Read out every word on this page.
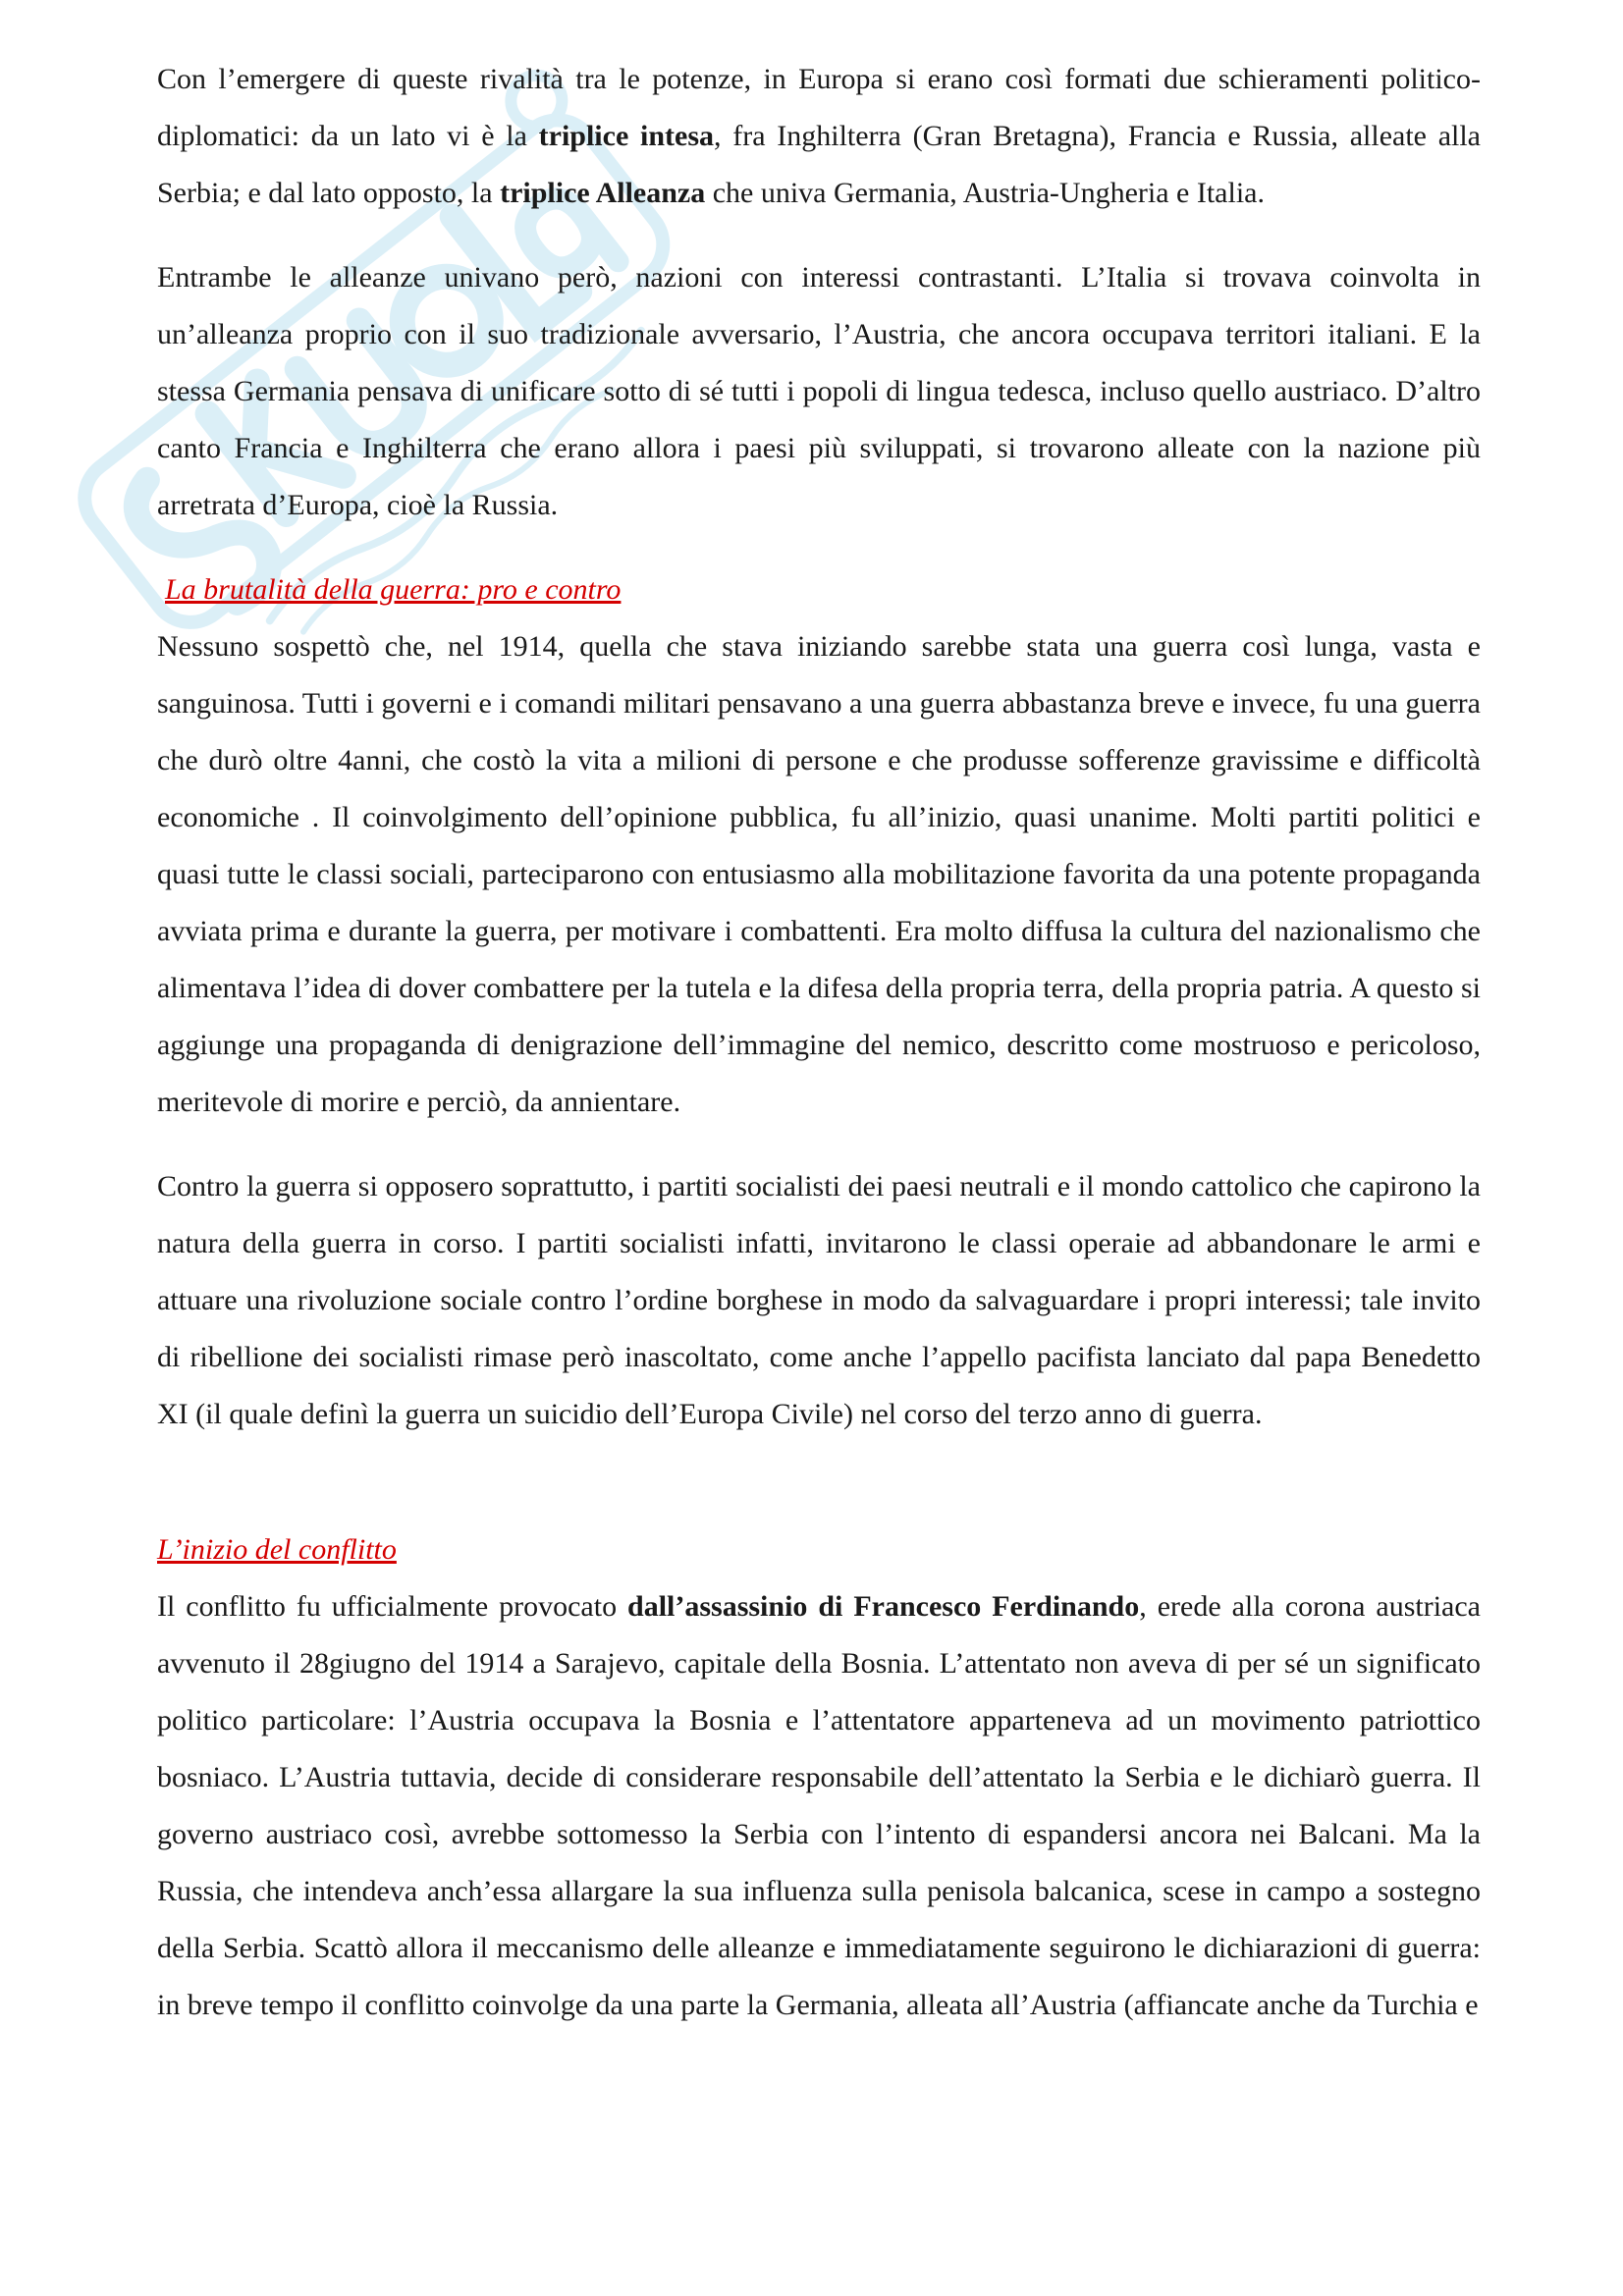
Con l’emergere di queste rivalità tra le potenze, in Europa si erano così formati due schieramenti politico-diplomatici: da un lato vi è la triplice intesa, fra Inghilterra (Gran Bretagna), Francia e Russia, alleate alla Serbia; e dal lato opposto, la triplice Alleanza che univa Germania, Austria-Ungheria e Italia.

Entrambe le alleanze univano però, nazioni con interessi contrastanti. L’Italia si trovava coinvolta in un’alleanza proprio con il suo tradizionale avversario, l’Austria, che ancora occupava territori italiani. E la stessa Germania pensava di unificare sotto di sé tutti i popoli di lingua tedesca, incluso quello austriaco. D’altro canto Francia e Inghilterra che erano allora i paesi più sviluppati, si trovarono alleate con la nazione più arretrata d’Europa, cioè la Russia.

La brutalità della guerra: pro e contro

Nessuno sospettò che, nel 1914, quella che stava iniziando sarebbe stata una guerra così lunga, vasta e sanguinosa. Tutti i governi e i comandi militari pensavano a una guerra abbastanza breve e invece, fu una guerra che durò oltre 4anni, che costò la vita a milioni di persone e che produsse sofferenze gravissime e difficoltà economiche . Il coinvolgimento dell’opinione pubblica, fu all’inizio, quasi unanime. Molti partiti politici e quasi tutte le classi sociali, parteciparono con entusiasmo alla mobilitazione favorita da una potente propaganda avviata prima e durante la guerra, per motivare i combattenti. Era molto diffusa la cultura del nazionalismo che alimentava l’idea di dover combattere per la tutela e la difesa della propria terra, della propria patria. A questo si aggiunge una propaganda di denigrazione dell’immagine del nemico, descritto come mostruoso e pericoloso, meritevole di morire e perciò, da annientare.

Contro la guerra si opposero soprattutto, i partiti socialisti dei paesi neutrali e il mondo cattolico che capirono la natura della guerra in corso. I partiti socialisti infatti, invitarono le classi operaie ad abbandonare le armi e attuare una rivoluzione sociale contro l’ordine borghese in modo da salvaguardare i propri interessi; tale invito di ribellione dei socialisti rimase però inascoltato, come anche l’appello pacifista lanciato dal papa Benedetto XI (il quale definì la guerra un suicidio dell’Europa Civile) nel corso del terzo anno di guerra.

L’inizio del conflitto

Il conflitto fu ufficialmente provocato dall’assassinio di Francesco Ferdinando, erede alla corona austriaca avvenuto il 28giugno del 1914 a Sarajevo, capitale della Bosnia. L’attentato non aveva di per sé un significato politico particolare: l’Austria occupava la Bosnia e l’attentatore apparteneva ad un movimento patriottico bosniaco. L’Austria tuttavia, decide di considerare responsabile dell’attentato la Serbia e le dichiarò guerra. Il governo austriaco così, avrebbe sottomesso la Serbia con l’intento di espandersi ancora nei Balcani. Ma la Russia, che intendeva anch’essa allargare la sua influenza sulla penisola balcanica, scese in campo a sostegno della Serbia. Scattò allora il meccanismo delle alleanze e immediatamente seguirono le dichiarazioni di guerra: in breve tempo il conflitto coinvolge da una parte la Germania, alleata all’Austria (affiancate anche da Turchia e
